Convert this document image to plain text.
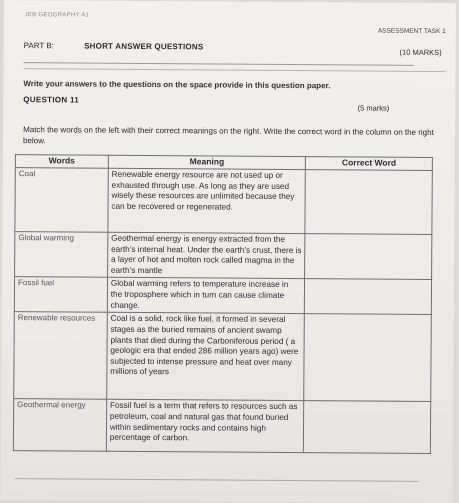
IEB GEOGRAPHY A1
ASSESSMENT TASK 1
PART B:	SHORT ANSWER QUESTIONS
(10 MARKS)
Write your answers to the questions on the space provide in this question paper.
QUESTION 11
(5 marks)
Match the words on the left with their correct meanings on the right. Write the correct word in the column on the right below.
Words	Meaning	Correct Word
Coal	Renewable energy resource are not used up or exhausted through use. As long as they are used wisely these resources are unlimited because they can be recovered or regenerated.	
Global warming	Geothermal energy is energy extracted from the earth’s internal heat. Under the earth’s crust, there is a layer of hot and molten rock called magma in the earth’s mantle	
Fossil fuel	Global warming refers to temperature increase in the troposphere which in turn can cause climate change.	
Renewable resources	Coal is a solid, rock like fuel, it formed in several stages as the buried remains of ancient swamp plants that died during the Carboniferous period ( a geologic era that ended 286 million years ago) were subjected to intense pressure and heat over many millions of years	
Geothermal energy	Fossil fuel is a term that refers to resources such as petroleum, coal and natural gas that found buried within sedimentary rocks and contains high percentage of carbon.	
